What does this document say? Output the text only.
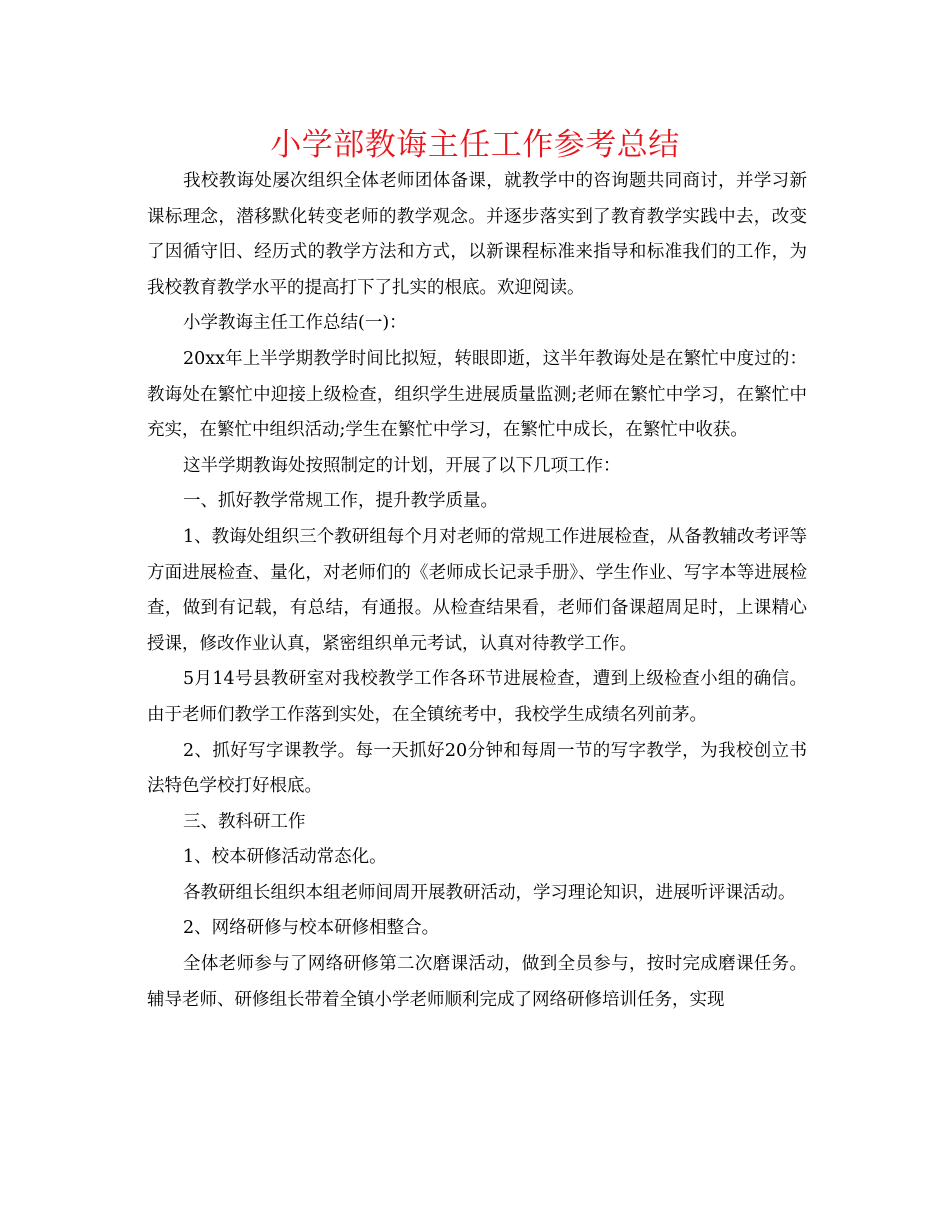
小学部教诲主任工作参考总结

我校教诲处屡次组织全体老师团体备课，就教学中的咨询题共同商讨，并学习新课标理念，潜移默化转变老师的教学观念。并逐步落实到了教育教学实践中去，改变了因循守旧、经历式的教学方法和方式，以新课程标准来指导和标准我们的工作，为我校教育教学水平的提高打下了扎实的根底。欢迎阅读。

小学教诲主任工作总结(一)：

20xx年上半学期教学时间比拟短，转眼即逝，这半年教诲处是在繁忙中度过的：教诲处在繁忙中迎接上级检查，组织学生进展质量监测;老师在繁忙中学习，在繁忙中充实，在繁忙中组织活动;学生在繁忙中学习，在繁忙中成长，在繁忙中收获。

这半学期教诲处按照制定的计划，开展了以下几项工作：

一、抓好教学常规工作，提升教学质量。

1、教诲处组织三个教研组每个月对老师的常规工作进展检查，从备教辅改考评等方面进展检查、量化，对老师们的《老师成长记录手册》、学生作业、写字本等进展检查，做到有记载，有总结，有通报。从检查结果看，老师们备课超周足时，上课精心授课，修改作业认真，紧密组织单元考试，认真对待教学工作。

5月14号县教研室对我校教学工作各环节进展检查，遭到上级检查小组的确信。由于老师们教学工作落到实处，在全镇统考中，我校学生成绩名列前茅。

2、抓好写字课教学。每一天抓好20分钟和每周一节的写字教学，为我校创立书法特色学校打好根底。

三、教科研工作

1、校本研修活动常态化。

各教研组长组织本组老师间周开展教研活动，学习理论知识，进展听评课活动。

2、网络研修与校本研修相整合。

全体老师参与了网络研修第二次磨课活动，做到全员参与，按时完成磨课任务。辅导老师、研修组长带着全镇小学老师顺利完成了网络研修培训任务，实现
